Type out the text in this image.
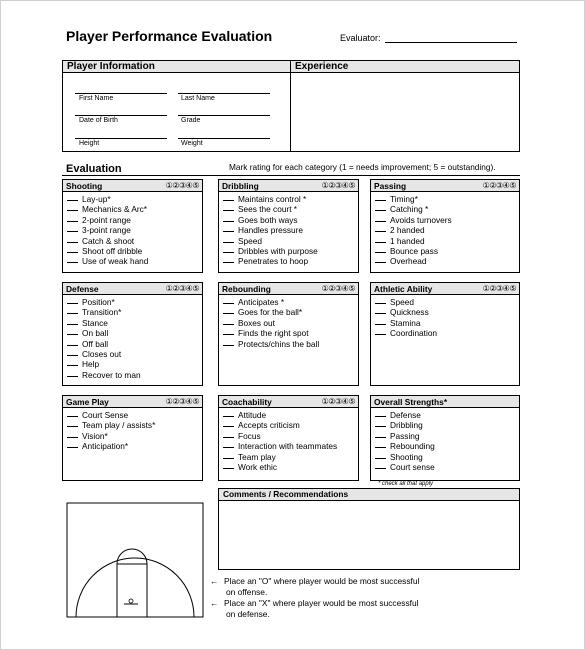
Player Performance Evaluation	Evaluator:
Player Information
First Name	Last Name
Date of Birth	Grade
Height	Weight
Experience
Evaluation	Mark rating for each category (1 = needs improvement; 5 = outstanding).
Shooting	①②③④⑤
Lay-up*
Mechanics & Arc*
2-point range
3-point range
Catch & shoot
Shoot off dribble
Use of weak hand
Dribbling	①②③④⑤
Maintains control *
Sees the court *
Goes both ways
Handles pressure
Speed
Dribbles with purpose
Penetrates to hoop
Passing	①②③④⑤
Timing*
Catching *
Avoids turnovers
2 handed
1 handed
Bounce pass
Overhead
Defense	①②③④⑤
Position*
Transition*
Stance
On ball
Off ball
Closes out
Help
Recover to man
Rebounding	①②③④⑤
Anticipates *
Goes for the ball*
Boxes out
Finds the right spot
Protects/chins the ball
Athletic Ability	①②③④⑤
Speed
Quickness
Stamina
Coordination
Game Play	①②③④⑤
Court Sense
Team play / assists*
Vision*
Anticipation*
Coachability	①②③④⑤
Attitude
Accepts criticism
Focus
Interaction with teammates
Team play
Work ethic
Overall Strengths*
Defense
Dribbling
Passing
Rebounding
Shooting
Court sense
* check all that apply
Comments / Recommendations
← Place an "O" where player would be most successful
on offense.
← Place an "X" where player would be most successful
on defense.
